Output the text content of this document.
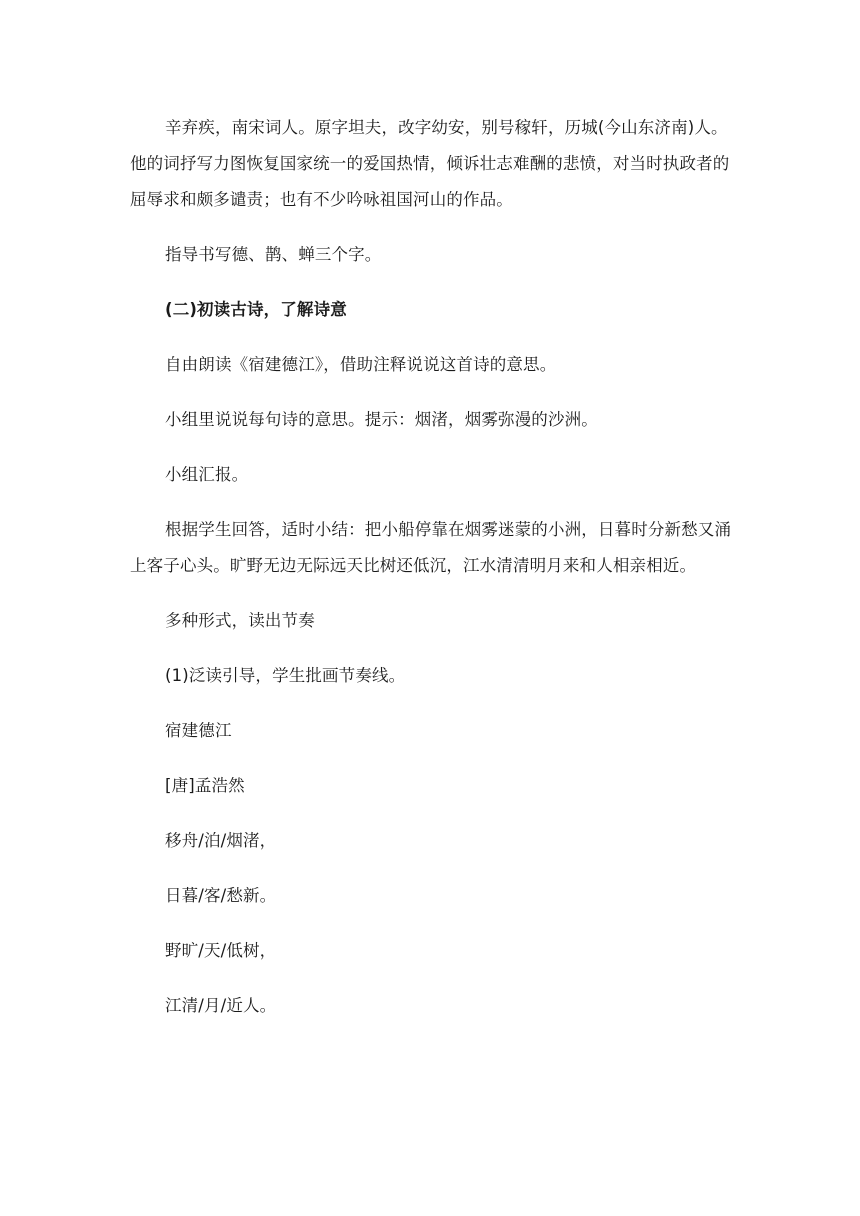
辛弃疾，南宋词人。原字坦夫，改字幼安，别号稼轩，历城(今山东济南)人。他的词抒写力图恢复国家统一的爱国热情，倾诉壮志难酬的悲愤，对当时执政者的屈辱求和颇多谴责；也有不少吟咏祖国河山的作品。

指导书写德、鹊、蝉三个字。

(二)初读古诗，了解诗意

自由朗读《宿建德江》，借助注释说说这首诗的意思。

小组里说说每句诗的意思。提示：烟渚，烟雾弥漫的沙洲。

小组汇报。

根据学生回答，适时小结：把小船停靠在烟雾迷蒙的小洲，日暮时分新愁又涌上客子心头。旷野无边无际远天比树还低沉，江水清清明月来和人相亲相近。

多种形式，读出节奏

(1)泛读引导，学生批画节奏线。

宿建德江

[唐]孟浩然

移舟/泊/烟渚，

日暮/客/愁新。

野旷/天/低树，

江清/月/近人。
